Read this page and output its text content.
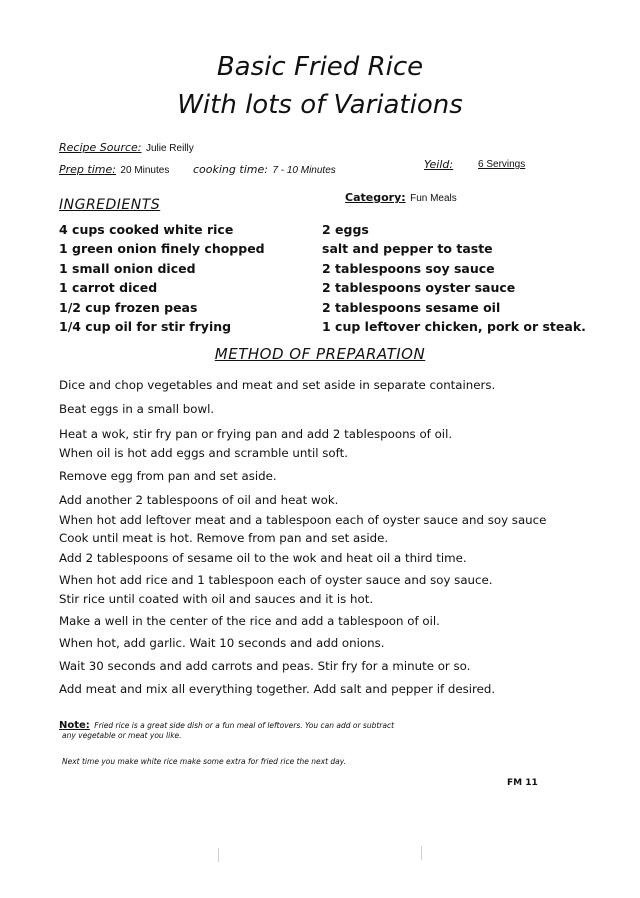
Basic Fried Rice
With lots of Variations
Recipe Source: Julie Reilly
Prep time: 20 Minutes cooking time: 7 - 10 Minutes	Yeild: 6 Servings
Category: Fun Meals
INGREDIENTS
4 cups cooked white rice
1 green onion finely chopped
1 small onion diced
1 carrot diced
1/2 cup frozen peas
1/4 cup oil for stir frying
2 eggs
salt and pepper to taste
2 tablespoons soy sauce
2 tablespoons oyster sauce
2 tablespoons sesame oil
1 cup leftover chicken, pork or steak.
METHOD OF PREPARATION
Dice and chop vegetables and meat and set aside in separate containers.
Beat eggs in a small bowl.
Heat a wok, stir fry pan or frying pan and add 2 tablespoons of oil.
When oil is hot add eggs and scramble until soft.
Remove egg from pan and set aside.
Add another 2 tablespoons of oil and heat wok.
When hot add leftover meat and a tablespoon each of oyster sauce and soy sauce
Cook until meat is hot. Remove from pan and set aside.
Add 2 tablespoons of sesame oil to the wok and heat oil a third time.
When hot add rice and 1 tablespoon each of oyster sauce and soy sauce.
Stir rice until coated with oil and sauces and it is hot.
Make a well in the center of the rice and add a tablespoon of oil.
When hot, add garlic. Wait 10 seconds and add onions.
Wait 30 seconds and add carrots and peas. Stir fry for a minute or so.
Add meat and mix all everything together. Add salt and pepper if desired.
Note: Fried rice is a great side dish or a fun meal of leftovers. You can add or subtract
any vegetable or meat you like.
Next time you make white rice make some extra for fried rice the next day.
FM 11
